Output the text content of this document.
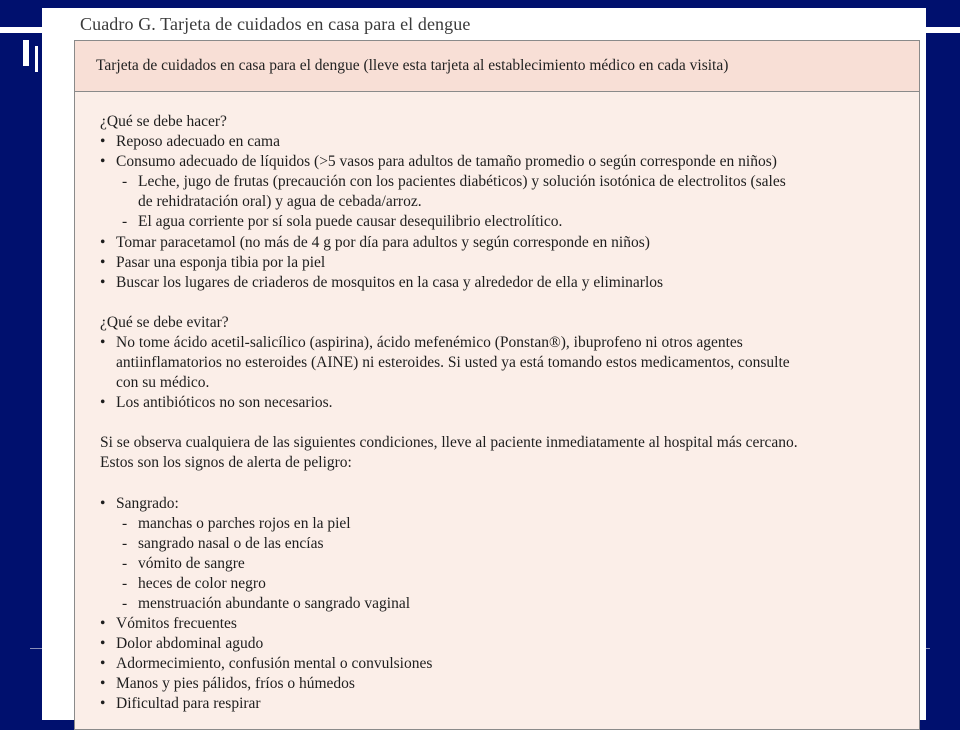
Cuadro G. Tarjeta de cuidados en casa para el dengue
Tarjeta de cuidados en casa para el dengue (lleve esta tarjeta al establecimiento médico en cada visita)
¿Qué se debe hacer?
• Reposo adecuado en cama
• Consumo adecuado de líquidos (>5 vasos para adultos de tamaño promedio o según corresponde en niños)
- Leche, jugo de frutas (precaución con los pacientes diabéticos) y solución isotónica de electrolitos (sales
de rehidratación oral) y agua de cebada/arroz.
- El agua corriente por sí sola puede causar desequilibrio electrolítico.
• Tomar paracetamol (no más de 4 g por día para adultos y según corresponde en niños)
• Pasar una esponja tibia por la piel
• Buscar los lugares de criaderos de mosquitos en la casa y alrededor de ella y eliminarlos
¿Qué se debe evitar?
• No tome ácido acetil-salicílico (aspirina), ácido mefenémico (Ponstan®), ibuprofeno ni otros agentes
antiinflamatorios no esteroides (AINE) ni esteroides. Si usted ya está tomando estos medicamentos, consulte
con su médico.
• Los antibióticos no son necesarios.
Si se observa cualquiera de las siguientes condiciones, lleve al paciente inmediatamente al hospital más cercano.
Estos son los signos de alerta de peligro:
• Sangrado:
- manchas o parches rojos en la piel
- sangrado nasal o de las encías
- vómito de sangre
- heces de color negro
- menstruación abundante o sangrado vaginal
• Vómitos frecuentes
• Dolor abdominal agudo
• Adormecimiento, confusión mental o convulsiones
• Manos y pies pálidos, fríos o húmedos
• Dificultad para respirar
